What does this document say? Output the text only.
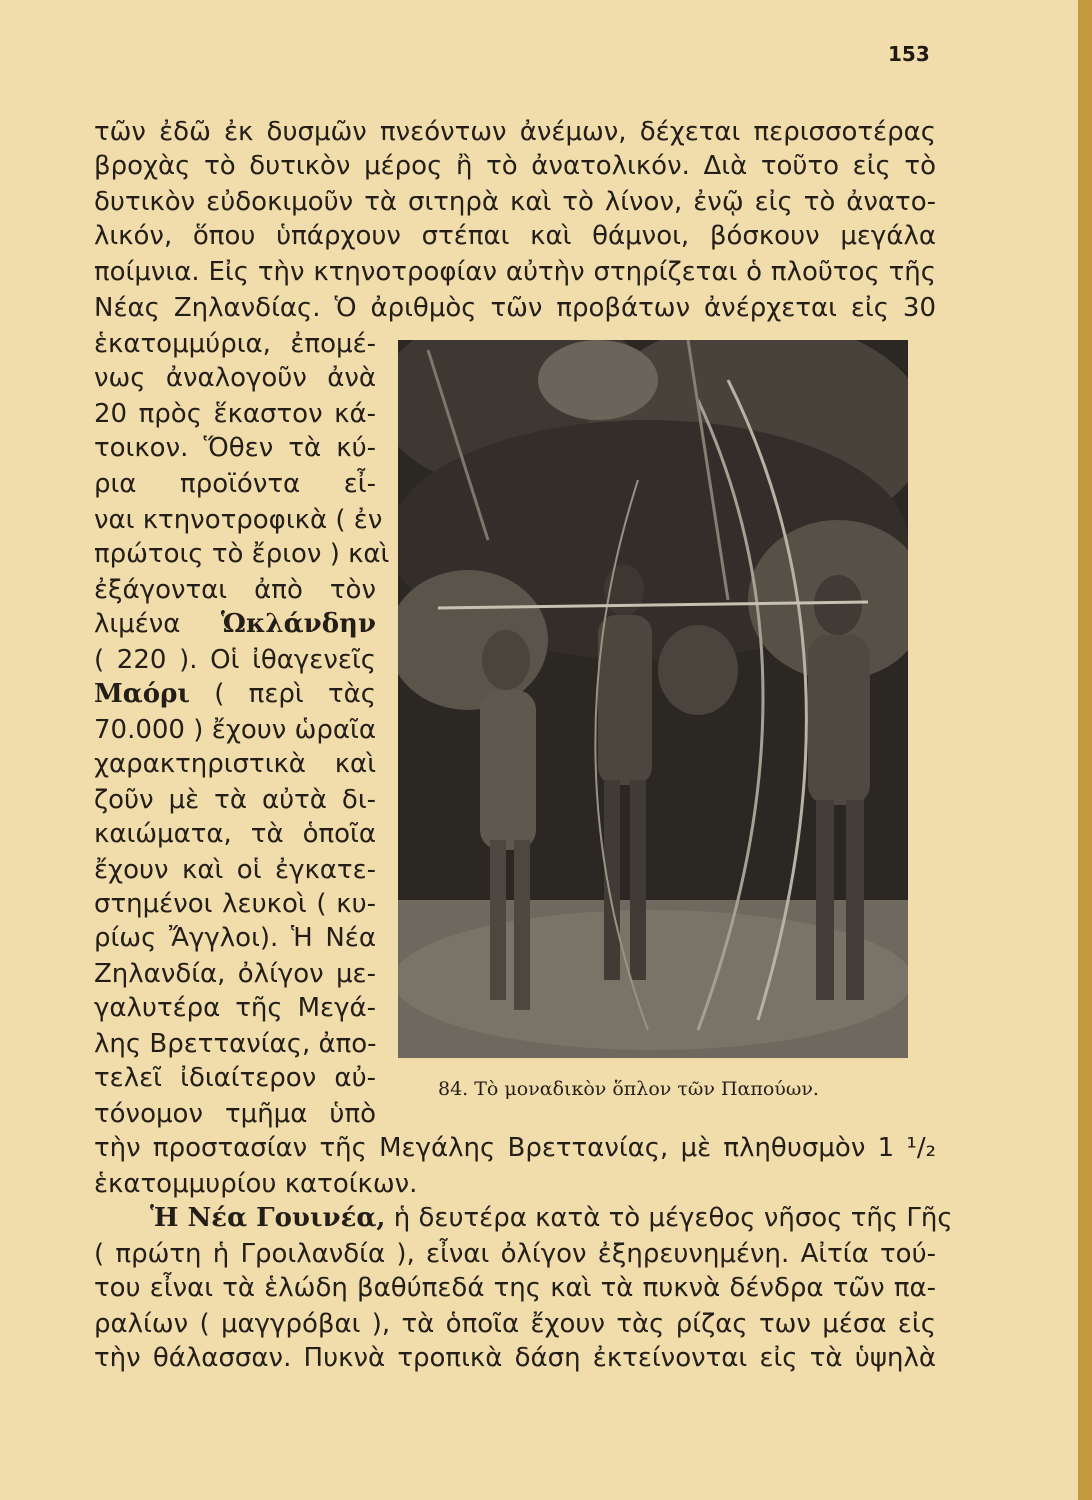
153
τῶν ἐδῶ ἐκ δυσμῶν πνεόντων ἀνέμων, δέχεται περισσοτέρας
βροχὰς τὸ δυτικὸν μέρος ἢ τὸ ἀνατολικόν. Διὰ τοῦτο εἰς τὸ
δυτικὸν εὐδοκιμοῦν τὰ σιτηρὰ καὶ τὸ λίνον, ἐνῷ εἰς τὸ ἀνατο-
λικόν, ὅπου ὑπάρχουν στέπαι καὶ θάμνοι, βόσκουν μεγάλα
ποίμνια. Εἰς τὴν κτηνοτροφίαν αὐτὴν στηρίζεται ὁ πλοῦτος τῆς
Νέας Ζηλανδίας. Ὁ ἀριθμὸς τῶν προβάτων ἀνέρχεται εἰς 30
ἑκατομμύρια, ἐπομέ-
νως ἀναλογοῦν ἀνὰ
20 πρὸς ἕκαστον κά-
τοικον. Ὅθεν τὰ κύ-
ρια προϊόντα εἶ-
ναι κτηνοτροφικὰ ( ἐν
πρώτοις τὸ ἔριον ) καὶ
ἐξάγονται ἀπὸ τὸν
λιμένα Ὡκλάνδην
( 220 ). Οἱ ἰθαγενεῖς
Μαόρι ( περὶ τὰς
70.000 ) ἔχουν ὡραῖα
χαρακτηριστικὰ καὶ
ζοῦν μὲ τὰ αὐτὰ δι-
καιώματα, τὰ ὁποῖα
ἔχουν καὶ οἱ ἐγκατε-
στημένοι λευκοὶ ( κυ-
ρίως Ἄγγλοι). Ἡ Νέα
Ζηλανδία, ὀλίγον με-
γαλυτέρα τῆς Μεγά-
λης Βρεττανίας, ἀπο-
τελεῖ ἰδιαίτερον αὐ-
τόνομον τμῆμα ὑπὸ
84. Τὸ μοναδικὸν ὅπλον τῶν Παπούων.
τὴν προστασίαν τῆς Μεγάλης Βρεττανίας, μὲ πληθυσμὸν 1 ¹/₂
ἑκατομμυρίου κατοίκων.
Ἡ Νέα Γουινέα, ἡ δευτέρα κατὰ τὸ μέγεθος νῆσος τῆς Γῆς
( πρώτη ἡ Γροιλανδία ), εἶναι ὀλίγον ἐξηρευνημένη. Αἰτία τού-
του εἶναι τὰ ἑλώδη βαθύπεδά της καὶ τὰ πυκνὰ δένδρα τῶν πα-
ραλίων ( μαγγρόβαι ), τὰ ὁποῖα ἔχουν τὰς ρίζας των μέσα εἰς
τὴν θάλασσαν. Πυκνὰ τροπικὰ δάση ἐκτείνονται εἰς τὰ ὑψηλὰ
